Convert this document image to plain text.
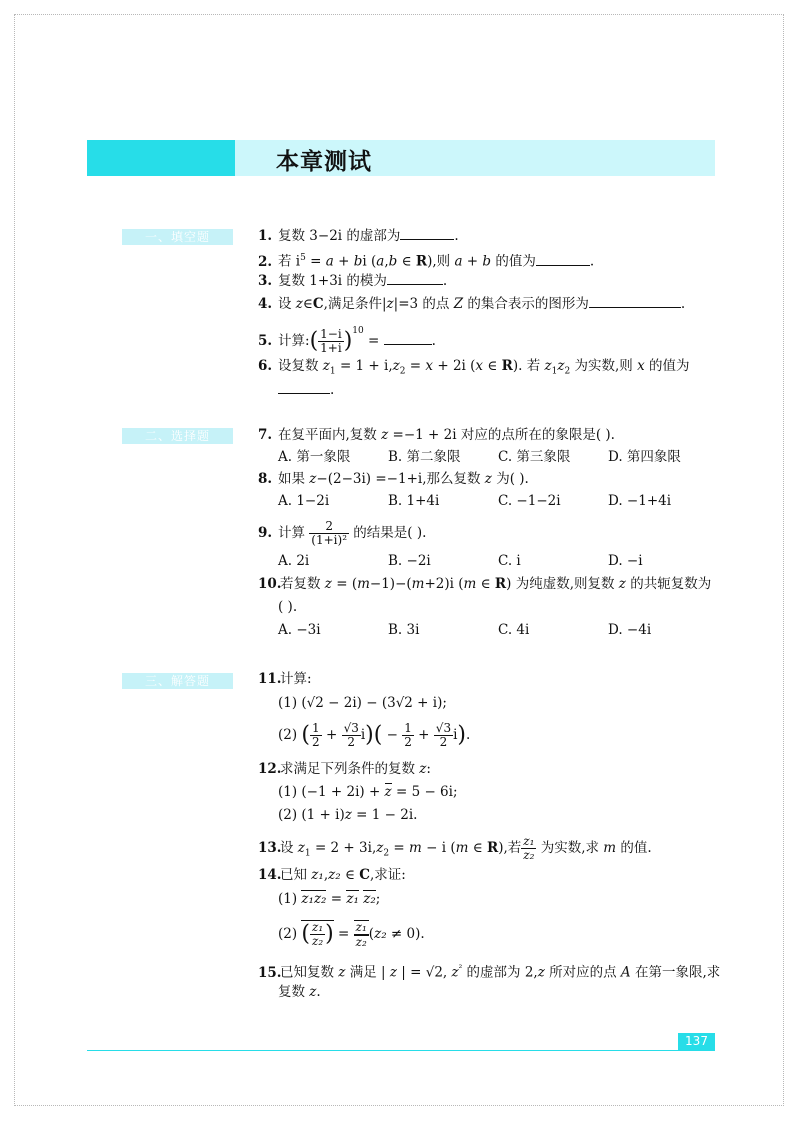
本章测试
一、填空题	1. 复数 3−2i 的虚部为	.
2. 若 $i^5 = a$ + bi (a,b ∈ R),则 a + b 的值为	.
3. 复数 1+3i 的模为	.
4. 设 z∈C,满足条件|z|=3 的点 Z 的集合表示的图形为	.
5. 计算:( $\frac{1-i}{1+i} )^{10}$ =	.
6. 设复数 $z_1 = 1 + i,z_2 = x + 2i$ (x ∈ R). 若 $z_1z_2$ 为实数,则 x 的值为
.
二、选择题	7. 在复平面内,复数 z =−1 + 2i 对应的点所在的象限是( ).
A. 第一象限	B. 第二象限	C. 第三象限	D. 第四象限
8. 如果 z−(2−3i) =−1+i,那么复数 z 为( ).
A. 1−2i	B. 1+4i	C. −1−2i	D. −1+4i
9. 计算 $\frac{2}{\text{(1+i)²}}$ 的结果是( ).
A. 2i	B. −2i	C. i	D. −i
10.若复数 z = (m−1)−(m+2)i (m ∈ R) 为纯虚数,则复数 z 的共轭复数为
( ).
A. −3i	B. 3i	C. 4i	D. −4i
三、解答题	11.计算:
(1) (√2 − 2i) − (3√2 + i);
(2) ( $\frac{1}{2} + \frac{√3}{2} i)( - \frac{1}{2} + \frac{√3}{2} i)$.
12.求满足下列条件的复数 z:
(1) (−1 + 2i) + z = 5 − 6i;
(2) (1 + i)z = 1 − 2i.
13.设 $z_1 = 2 + 3i,z_2 = m - i$ (m ∈ R),若 $\frac{\text{z₁}}{\text{z₂}}$ 为实数,求 m 的值.
14.已知 z₁,z₂ ∈ C,求证:
(1) z₁z₂ = z₁ z₂;
(2) ( $\frac{\text{z₁}}{\text{z₂}}$ ) = $\frac{\text{z₁}}{\text{z₂}} (z_2 \ne 0)$.
15.已知复数 z 满足 | z | = √2, $z^{^2}$ 的虚部为 2,z 所对应的点 A 在第一象限,求
复数 z.
137
